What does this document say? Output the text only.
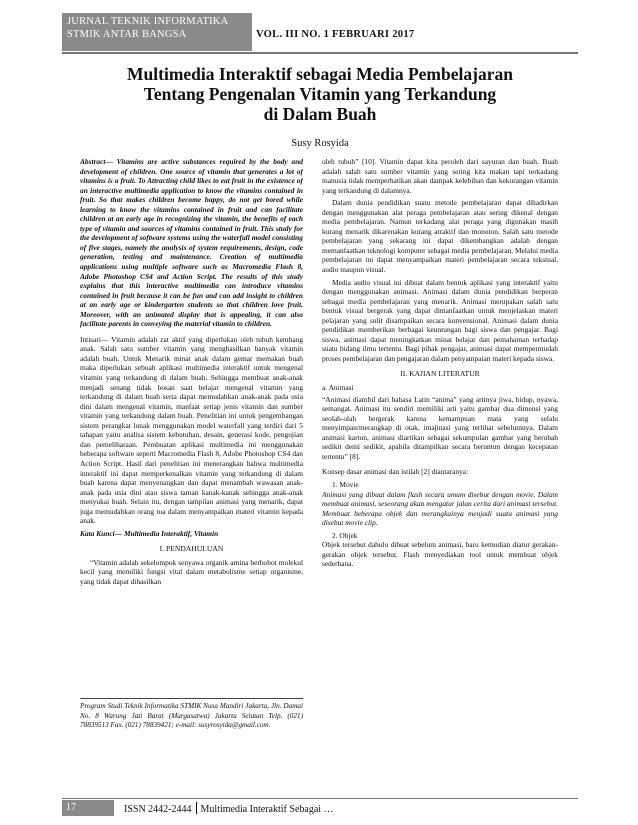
JURNAL TEKNIK INFORMATIKA
STMIK ANTAR BANGSA	VOL. III NO. 1 FEBRUARI 2017
Multimedia Interaktif sebagai Media Pembelajaran
Tentang Pengenalan Vitamin yang Terkandung
di Dalam Buah
Susy Rosyida

Abstract— Vitamins are active substances required by the body and development of children. One source of vitamin that generates a lot of vitamins is a fruit. To Attracting child likes to eat fruit in the existence of an interactive multimedia application to know the vitamins contained in fruit. So that makes children become happy, do not get bored while learning to know the vitamins contained in fruit and can facilitate children at an early age in recognizing the vitamin, the benefits of each type of vitamin and sources of vitamins contained in fruit. This study for the development of software systems using the waterfall model consisting of five stages, namely the analysis of system requirements, design, code generation, testing and maintenance. Creation of multimedia applications using multiple software such as Macromedia Flash 8, Adobe Photoshop CS4 and Action Script. The results of this study explains that this interactive multimedia can introduce vitamins contained in fruit because it can be fun and can add insight to children at an early age or kindergarten students so that children love fruit. Moreover, with an animated display that is appealing, it can also facilitate parents in conveying the material vitamin to children.

Intisari— Vitamin adalah zat aktif yang diperlukan oleh tubuh kembang anak. Salah satu sumber vitamin yang menghasilkan banyak vitamin adalah buah. Untuk Menarik minat anak dalam gemar memakan buah maka diperlukan sebuah aplikasi multimedia interaktif untuk mengenal vitamin yang terkandung di dalam buah. Sehingga membuat anak-anak menjadi senang tidak bosan saat belajar mengenal vitamin yang terkandung di dalam buah serta dapat memudahkan anak-anak pada usia dini dalam mengenal vitamin, manfaat setiap jenis vitamin dan sumber vitamin yang terkandung dalam buah. Penelitian ini untuk pengembangan sistem perangkat lunak menggunakan model waterfall yang terdiri dari 5 tahapan yaitu analisa sistem kebutuhan, desain, generasi kode, pengujian dan pemeliharaan. Pembuatan aplikasi multimedia ini menggunakan beberapa software seperti Macromedia Flash 8, Adobe Photoshop CS4 dan Action Script. Hasil dari penelitian ini menerangkan bahwa multimedia interaktif ini dapat memperkenalkan vitamin yang terkandung di dalam buah karena dapat menyenangkan dan dapat menambah wawasan anak-anak pada usia dini atau siswa taman kanak-kanak sehingga anak-anak menyukai buah. Selain itu, dengan tampilan animasi yang menarik, dapat juga memudahkan orang tua dalam menyampaikan materi vitamin kepada anak.

Kata Kunci— Multimedia Interaktif, Vitamin

I. PENDAHULUAN

“Vitamin adalah sekelompok senyawa organik amina berbobot molekul kecil yang memiliki fungsi vital dalam metabolisme setiap organisme, yang tidak dapat dihasilkan

Program Studi Teknik Informatika STMIK Nusa Mandiri Jakarta, Jln. Damai No. 8 Warung Jati Barat (Margasatwa) Jakarta Selatan Telp. (021) 78839513 Fax. (021) 78839421; e-mail: susyrosyida@gmail.com.

oleh tubuh” [10]. Vitamin dapat kita peroleh dari sayuran dan buah. Buah adalah salah satu sumber vitamin yang sering kita makan tapi terkadang manusia tidak memperhatikan akan dampak kelebihan dan kekurangan vitamin yang terkandung di dalamnya.

Dalam dunia pendidikan suatu metode pembelajaran dapat dihadirkan dengan menggunakan alat peraga pembelajaran atau sering dikenal dengan media pembelajaran. Namun terkadang alat peraga yang digunakan masih kurang menarik dikarenakan kurang atraktif dan monoton. Salah satu metode pembelajaran yang sekarang ini dapat dikembangkan adalah dengan memanfaatkan teknologi komputer sebagai media pembelajaran. Melalui media pembelajaran ini dapat menyampaikan materi pembelajaran secara tekstual, audio maupun visual.

Media audio visual ini dibuat dalam bentuk aplikasi yang interaktif yaitu dengan menggunakan animasi. Animasi dalam dunia pendidikan berperan sebagai media pembelajaran yang menarik. Animasi merupakan salah satu bentuk visual bergerak yang dapat dimanfaatkan untuk menjelaskan materi pelajaran yang sulit disampaikan secara konvensional. Animasi dalam dunia pendidikan memberikan berbagai keuntungan bagi siswa dan pengajar. Bagi siswa, animasi dapat meningkatkan minat belajar dan pemahaman terhadap suatu bidang ilmu tertentu. Bagi pihak pengajar, animasi dapat mempermudah proses pembelajaran dan pengajaran dalam penyampaian materi kepada siswa.

II. KAJIAN LITERATUR
a. Animasi

“Animasi diambil dari bahasa Latin “anima” yang artinya jiwa, hidup, nyawa, semangat. Animasi itu sendiri memiliki arti yaitu gambar dua dimensi yang seolah-olah bergerak karena kemampuan mata yang selalu menyimpan/merangkap di otak, imajinasi yang terlihat sebelumnya. Dalam animasi kartun, animasi diartikan sebagai sekumpulan gambar yang berubah sedikit demi sedikit, apabila ditampilkan secara beruntun dengan kecepatan tertentu” [8].

Konsep dasar animasi dan istilah [2] diantaranya:

1. Movie

Animasi yang dibuat dalam flash secara umum disebut dengan movie. Dalam membuat animasi, seseorang akan mengatur jalan cerita dari animasi tersebut. Membuat beberapa objek dan merangkainya menjadi suatu animasi yang disebut movie clip.

2. Objek

Objek tersebut dahulu dibuat sebelum animasi, baru kemudian diatur gerakan-gerakan objek tersebut. Flash menyediakan tool untuk membuat objek sederhana.

17	ISSN 2442-2444 Multimedia Interaktif Sebagai …
